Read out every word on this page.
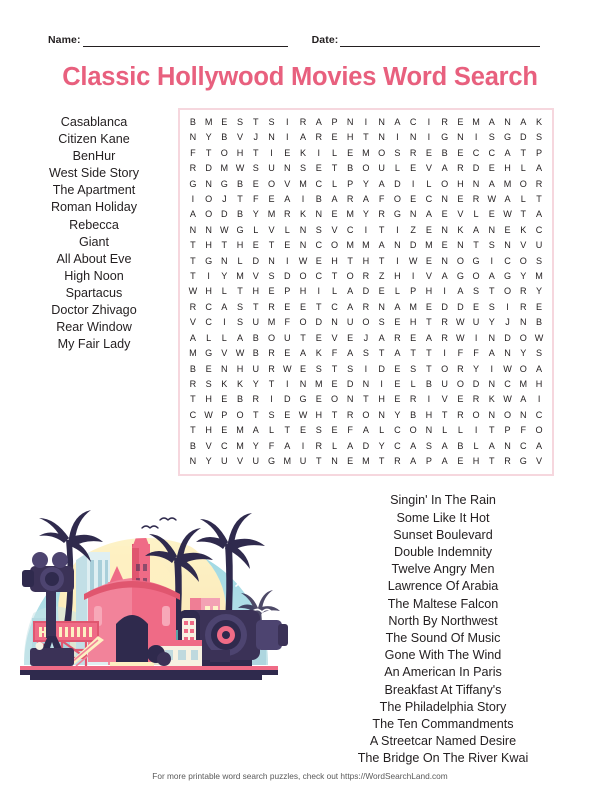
Name:	Date:
Classic Hollywood Movies Word Search
Casablanca
Citizen Kane
BenHur
West Side Story
The Apartment
Roman Holiday
Rebecca
Giant
All About Eve
High Noon
Spartacus
Doctor Zhivago
Rear Window
My Fair Lady
B	M	E	S	T	S	I	R	A	P	N	I	N	A	C	I	R	E	M	A	N	A	K
N	Y	B	V	J	N	I	A	R	E	H	T	N	I	N	I	G	N	I	S	G	D	S
F	T	O	H	T	I	E	K	I	L	E	M	O	S	R	E	B	E	C	C	A	T	P
R	D	M	W	S	U	N	S	E	T	B	O	U	L	E	V	A	R	D	E	H	L	A
G	N	G	B	E	O	V	M	C	L	P	Y	A	D	I	L	O	H	N	A	M	O	R
I	O	J	T	F	E	A	I	B	A	R	A	F	O	E	C	N	E	R	W	A	L	T
A	O	D	B	Y	M	R	K	N	E	M	Y	R	G	N	A	E	V	L	E	W	T	A
N	N	W	G	L	V	L	N	S	V	C	I	T	I	Z	E	N	K	A	N	E	K	C
T	H	T	H	E	T	E	N	C	O	M	M	A	N	D	M	E	N	T	S	N	V	U
T	G	N	L	D	N	I	W	E	H	T	H	T	I	W	E	N	O	G	I	C	O	S
T	I	Y	M	V	S	D	O	C	T	O	R	Z	H	I	V	A	G	O	A	G	Y	M
W	H	L	T	H	E	P	H	I	L	A	D	E	L	P	H	I	A	S	T	O	R	Y
R	C	A	S	T	R	E	E	T	C	A	R	N	A	M	E	D	D	E	S	I	R	E
V	C	I	S	U	M	F	O	D	N	U	O	S	E	H	T	R	W	U	Y	J	N	B
A	L	L	A	B	O	U	T	E	V	E	J	A	R	E	A	R	W	I	N	D	O	W
M	G	V	W	B	R	E	A	K	F	A	S	T	A	T	T	I	F	F	A	N	Y	S
B	E	N	H	U	R	W	E	S	T	S	I	D	E	S	T	O	R	Y	I	W	O	A
R	S	K	K	Y	T	I	N	M	E	D	N	I	E	L	B	U	O	D	N	C	M	H
T	H	E	B	R	I	D	G	E	O	N	T	H	E	R	I	V	E	R	K	W	A	I
C	W	P	O	T	S	E	W	H	T	R	O	N	Y	B	H	T	R	O	N	O	N	C
T	H	E	M	A	L	T	E	S	E	F	A	L	C	O	N	L	L	I	T	P	F	O
B	V	C	M	Y	F	A	I	R	L	A	D	Y	C	A	S	A	B	L	A	N	C	A
N	Y	U	V	U	G	M	U	T	N	E	M	T	R	A	P	A	E	H	T	R	G	V
Singin' In The Rain
Some Like It Hot
Sunset Boulevard
Double Indemnity
Twelve Angry Men
Lawrence Of Arabia
The Maltese Falcon
North By Northwest
The Sound Of Music
Gone With The Wind
An American In Paris
Breakfast At Tiffany's
The Philadelphia Story
The Ten Commandments
A Streetcar Named Desire
The Bridge On The River Kwai
For more printable word search puzzles, check out https://WordSearchLand.com
